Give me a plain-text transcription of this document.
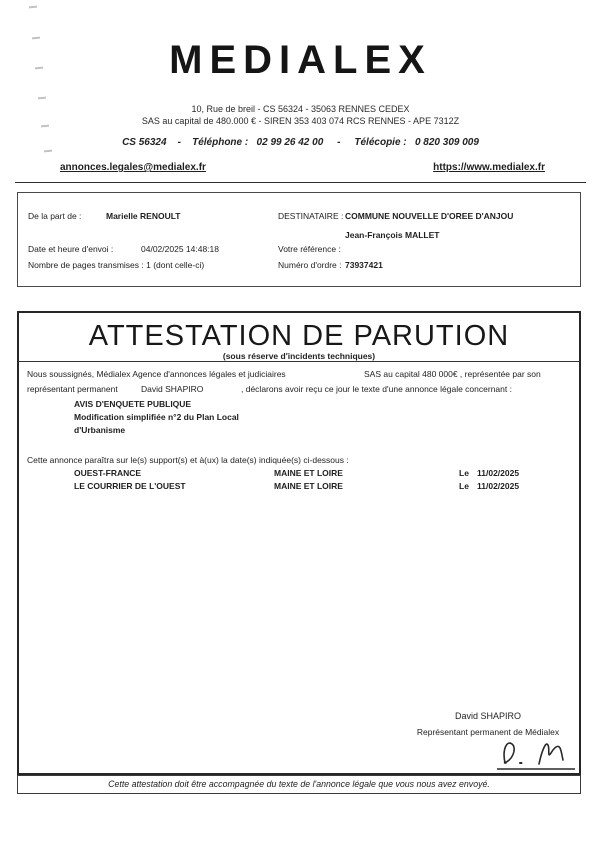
MEDIALEX
10, Rue de breil - CS 56324 - 35063 RENNES CEDEX
SAS au capital de 480.000 € - SIREN 353 403 074 RCS RENNES - APE 7312Z
CS 56324    -    Téléphone :   02 99 26 42 00     -     Télécopie :   0 820 309 009
annonces.legales@medialex.fr	https://www.medialex.fr
De la part de :	Marielle RENOULT	DESTINATAIRE : COMMUNE NOUVELLE D'OREE D'ANJOU
Jean-François MALLET
Date et heure d'envoi :	04/02/2025 14:48:18	Votre référence :
Nombre de pages transmises : 1 (dont celle-ci)	Numéro d'ordre : 73937421
ATTESTATION DE PARUTION
(sous réserve d'incidents techniques)
Nous soussignés, Médialex Agence d'annonces légales et judiciaires	SAS au capital 480 000€ , représentée par son
représentant permanent	David SHAPIRO	, déclarons avoir reçu ce jour le texte d'une annonce légale concernant :
AVIS D'ENQUETE PUBLIQUE
Modification simplifiée n°2 du Plan Local
d'Urbanisme
Cette annonce paraîtra sur le(s) support(s) et à(ux) la date(s) indiquée(s) ci-dessous :
OUEST-FRANCE	MAINE ET LOIRE	Le 11/02/2025
LE COURRIER DE L'OUEST	MAINE ET LOIRE	Le 11/02/2025
David SHAPIRO
Représentant permanent de Médialex
Cette attestation doit être accompagnée du texte de l'annonce légale que vous nous avez envoyé.
